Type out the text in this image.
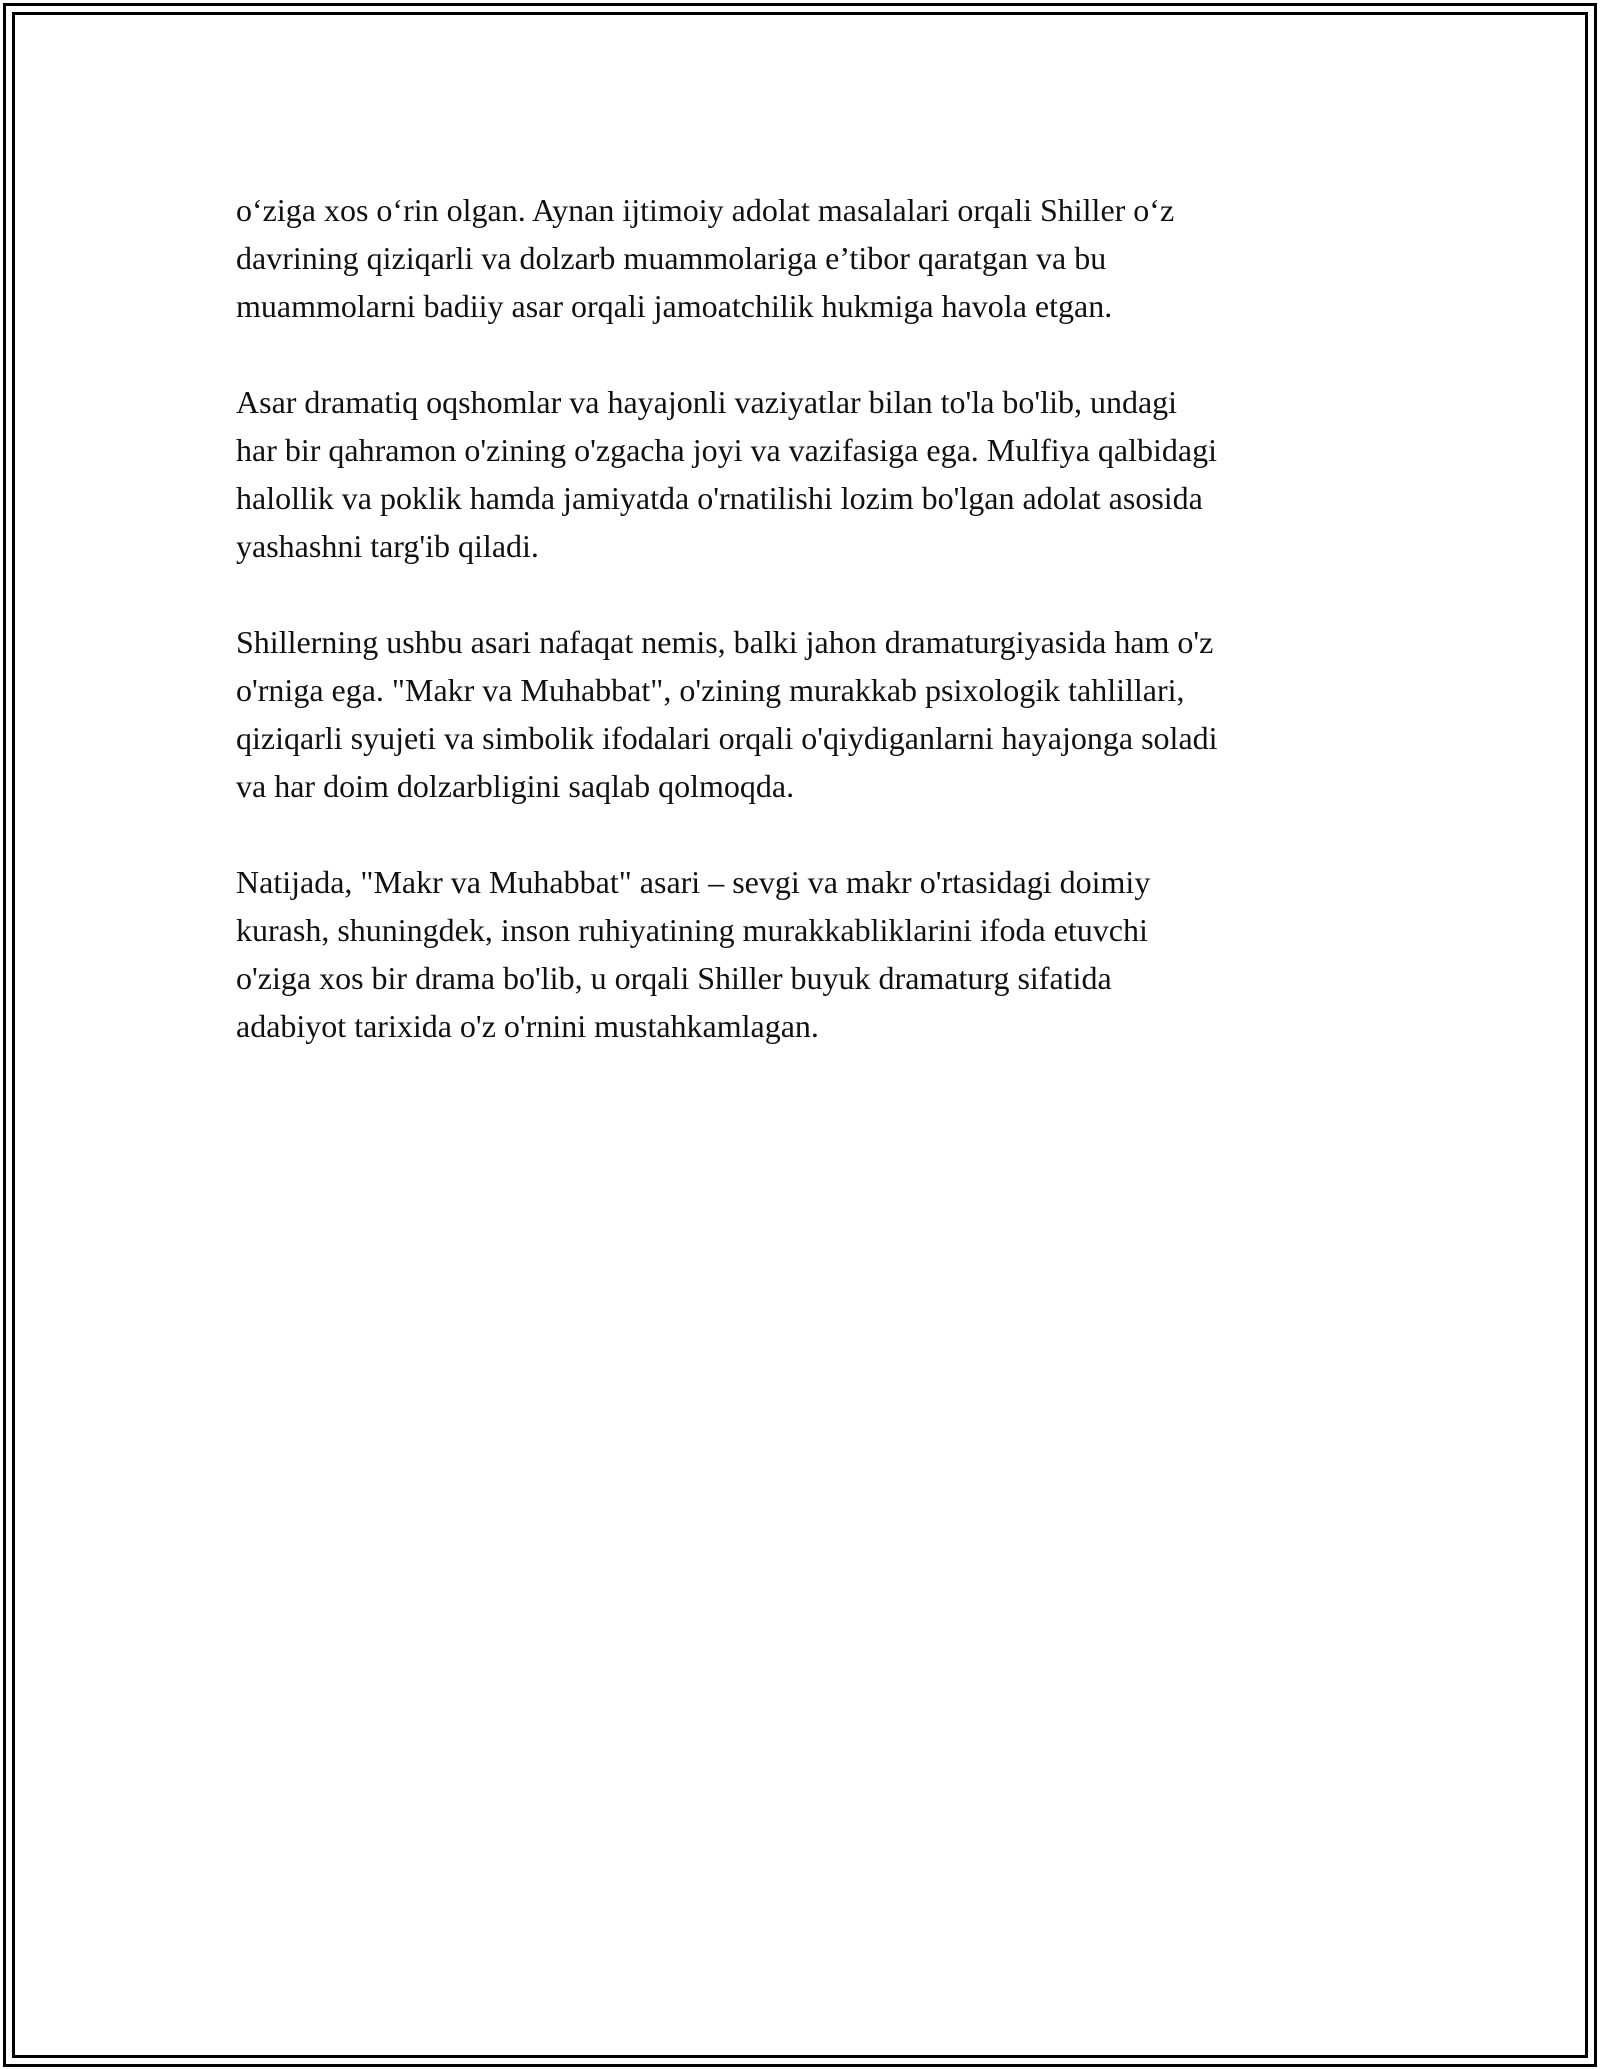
o‘ziga xos o‘rin olgan. Aynan ijtimoiy adolat masalalari orqali Shiller o‘z
davrining qiziqarli va dolzarb muammolariga e’tibor qaratgan va bu
muammolarni badiiy asar orqali jamoatchilik hukmiga havola etgan.

Asar dramatiq oqshomlar va hayajonli vaziyatlar bilan to'la bo'lib, undagi
har bir qahramon o'zining o'zgacha joyi va vazifasiga ega. Mulfiya qalbidagi
halollik va poklik hamda jamiyatda o'rnatilishi lozim bo'lgan adolat asosida
yashashni targ'ib qiladi.

Shillerning ushbu asari nafaqat nemis, balki jahon dramaturgiyasida ham o'z
o'rniga ega. "Makr va Muhabbat", o'zining murakkab psixologik tahlillari,
qiziqarli syujeti va simbolik ifodalari orqali o'qiydiganlarni hayajonga soladi
va har doim dolzarbligini saqlab qolmoqda.

Natijada, "Makr va Muhabbat" asari – sevgi va makr o'rtasidagi doimiy
kurash, shuningdek, inson ruhiyatining murakkabliklarini ifoda etuvchi
o'ziga xos bir drama bo'lib, u orqali Shiller buyuk dramaturg sifatida
adabiyot tarixida o'z o'rnini mustahkamlagan.
